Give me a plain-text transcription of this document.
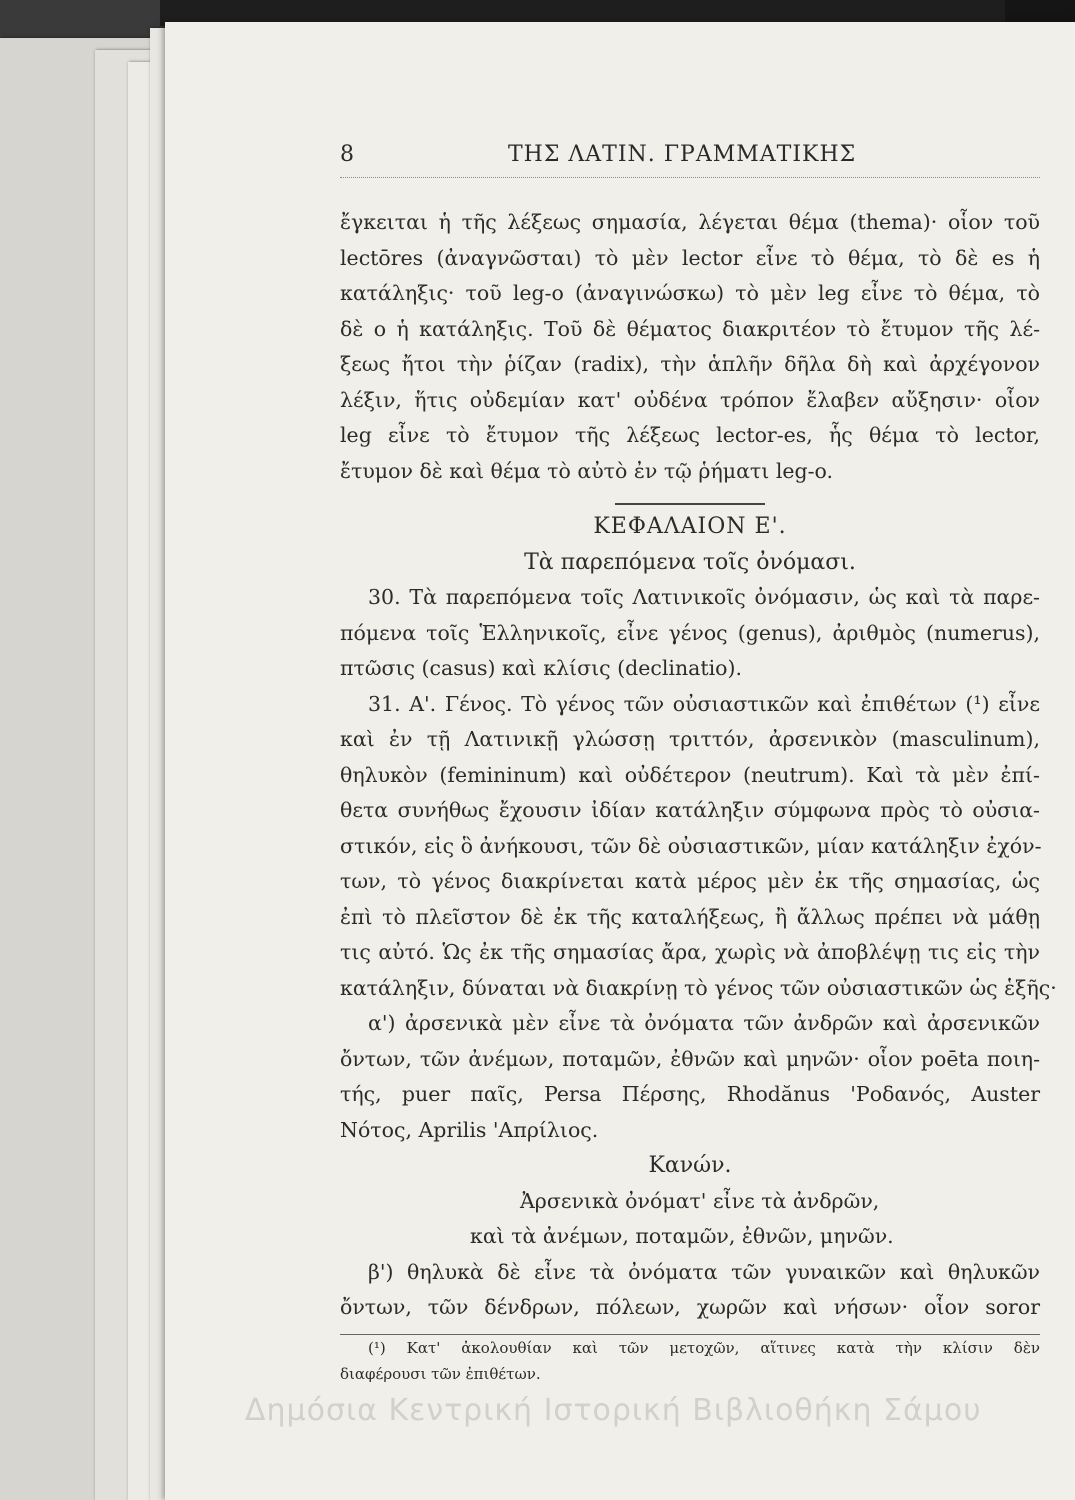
8	ΤΗΣ ΛΑΤΙΝ. ΓΡΑΜΜΑΤΙΚΗΣ
ἔγκειται ἡ τῆς λέξεως σημασία, λέγεται θέμα (thema)· οἷον τοῦ
lectōres (ἀναγνῶσται) τὸ μὲν lector εἶνε τὸ θέμα, τὸ δὲ es ἡ
κατάληξις· τοῦ leg-o (ἀναγινώσκω) τὸ μὲν leg εἶνε τὸ θέμα, τὸ
δὲ o ἡ κατάληξις. Τοῦ δὲ θέματος διακριτέον τὸ ἔτυμον τῆς λέ-
ξεως ἤτοι τὴν ῥίζαν (radix), τὴν ἁπλῆν δῆλα δὴ καὶ ἀρχέγονον
λέξιν, ἥτις οὐδεμίαν κατ' οὐδένα τρόπον ἔλαβεν αὔξησιν· οἷον
leg εἶνε τὸ ἔτυμον τῆς λέξεως lector-es, ἧς θέμα τὸ lector,
ἔτυμον δὲ καὶ θέμα τὸ αὐτὸ ἐν τῷ ῥήματι leg-o.
ΚΕΦΑΛΑΙΟΝ Ε'.
Τὰ παρεπόμενα τοῖς ὀνόμασι.
30. Τὰ παρεπόμενα τοῖς Λατινικοῖς ὀνόμασιν, ὡς καὶ τὰ παρε-
πόμενα τοῖς Ἑλληνικοῖς, εἶνε γένος (genus), ἀριθμὸς (numerus),
πτῶσις (casus) καὶ κλίσις (declinatio).
31. Α'. Γένος. Τὸ γένος τῶν οὐσιαστικῶν καὶ ἐπιθέτων (¹) εἶνε
καὶ ἐν τῇ Λατινικῇ γλώσσῃ τριττόν, ἀρσενικὸν (masculinum),
θηλυκὸν (femininum) καὶ οὐδέτερον (neutrum). Καὶ τὰ μὲν ἐπί-
θετα συνήθως ἔχουσιν ἰδίαν κατάληξιν σύμφωνα πρὸς τὸ οὐσια-
στικόν, εἰς ὃ ἀνήκουσι, τῶν δὲ οὐσιαστικῶν, μίαν κατάληξιν ἐχόν-
των, τὸ γένος διακρίνεται κατὰ μέρος μὲν ἐκ τῆς σημασίας, ὡς
ἐπὶ τὸ πλεῖστον δὲ ἐκ τῆς καταλήξεως, ἢ ἄλλως πρέπει νὰ μάθῃ
τις αὐτό. Ὡς ἐκ τῆς σημασίας ἄρα, χωρὶς νὰ ἀποβλέψῃ τις εἰς τὴν
κατάληξιν, δύναται νὰ διακρίνῃ τὸ γένος τῶν οὐσιαστικῶν ὡς ἑξῆς·
α') ἀρσενικὰ μὲν εἶνε τὰ ὀνόματα τῶν ἀνδρῶν καὶ ἀρσενικῶν
ὄντων, τῶν ἀνέμων, ποταμῶν, ἐθνῶν καὶ μηνῶν· οἷον poēta ποιη-
τής, puer παῖς, Persa Πέρσης, Rhodănus 'Ροδανός, Auster
Νότος, Aprilis 'Απρίλιος.
Κανών.
Ἀρσενικὰ ὀνόματ' εἶνε τὰ ἀνδρῶν,
καὶ τὰ ἀνέμων, ποταμῶν, ἐθνῶν, μηνῶν.
β') θηλυκὰ δὲ εἶνε τὰ ὀνόματα τῶν γυναικῶν καὶ θηλυκῶν
ὄντων, τῶν δένδρων, πόλεων, χωρῶν καὶ νήσων· οἷον soror
(¹) Κατ' ἀκολουθίαν καὶ τῶν μετοχῶν, αἵτινες κατὰ τὴν κλίσιν δὲν
διαφέρουσι τῶν ἐπιθέτων.
Δημόσια Κεντρική Ιστορική Βιβλιοθήκη Σάμου
